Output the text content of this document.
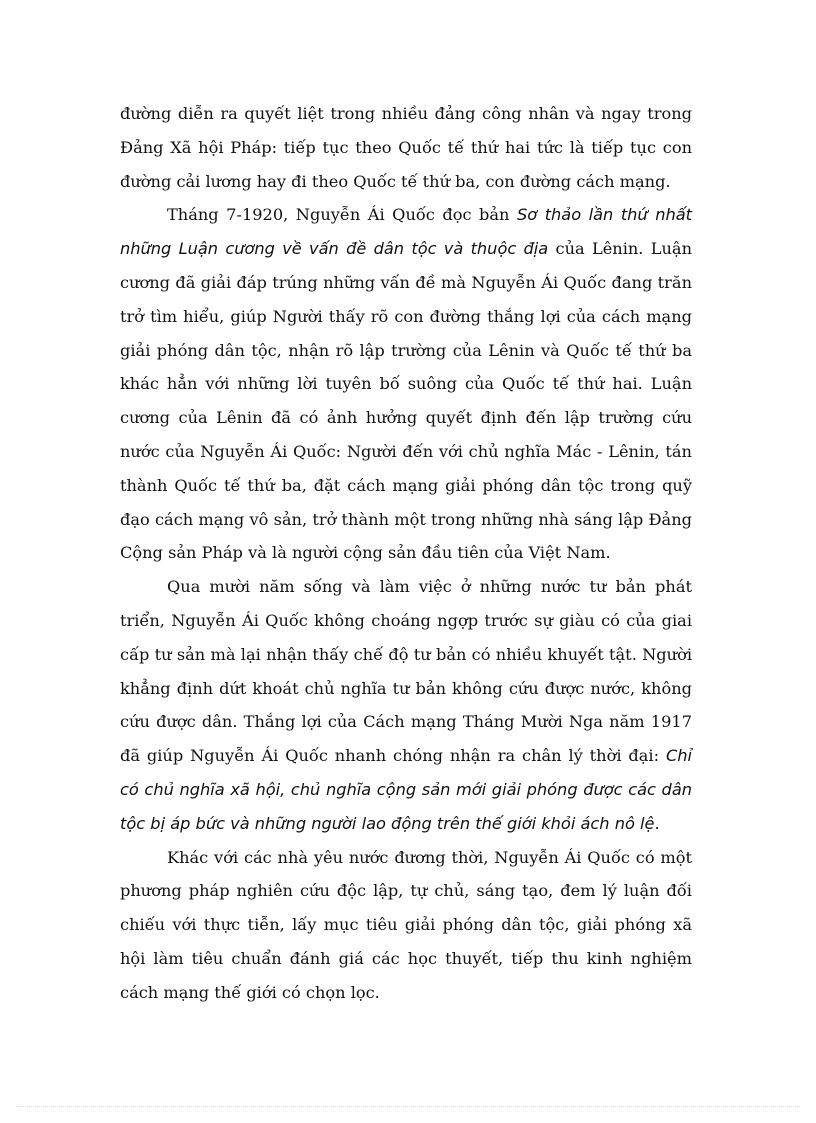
đường diễn ra quyết liệt trong nhiều đảng công nhân và ngay trong Đảng Xã hội Pháp: tiếp tục theo Quốc tế thứ hai tức là tiếp tục con đường cải lương hay đi theo Quốc tế thứ ba, con đường cách mạng.

Tháng 7-1920, Nguyễn Ái Quốc đọc bản Sơ thảo lần thứ nhất những Luận cương về vấn đề dân tộc và thuộc địa của Lênin. Luận cương đã giải đáp trúng những vấn đề mà Nguyễn Ái Quốc đang trăn trở tìm hiểu, giúp Người thấy rõ con đường thắng lợi của cách mạng giải phóng dân tộc, nhận rõ lập trường của Lênin và Quốc tế thứ ba khác hẳn với những lời tuyên bố suông của Quốc tế thứ hai. Luận cương của Lênin đã có ảnh hưởng quyết định đến lập trường cứu nước của Nguyễn Ái Quốc: Người đến với chủ nghĩa Mác - Lênin, tán thành Quốc tế thứ ba, đặt cách mạng giải phóng dân tộc trong quỹ đạo cách mạng vô sản, trở thành một trong những nhà sáng lập Đảng Cộng sản Pháp và là người cộng sản đầu tiên của Việt Nam.

Qua mười năm sống và làm việc ở những nước tư bản phát triển, Nguyễn Ái Quốc không choáng ngợp trước sự giàu có của giai cấp tư sản mà lại nhận thấy chế độ tư bản có nhiều khuyết tật. Người khẳng định dứt khoát chủ nghĩa tư bản không cứu được nước, không cứu được dân. Thắng lợi của Cách mạng Tháng Mười Nga năm 1917 đã giúp Nguyễn Ái Quốc nhanh chóng nhận ra chân lý thời đại: Chỉ có chủ nghĩa xã hội, chủ nghĩa cộng sản mới giải phóng được các dân tộc bị áp bức và những người lao động trên thế giới khỏi ách nô lệ.

Khác với các nhà yêu nước đương thời, Nguyễn Ái Quốc có một phương pháp nghiên cứu độc lập, tự chủ, sáng tạo, đem lý luận đối chiếu với thực tiễn, lấy mục tiêu giải phóng dân tộc, giải phóng xã hội làm tiêu chuẩn đánh giá các học thuyết, tiếp thu kinh nghiệm cách mạng thế giới có chọn lọc.
